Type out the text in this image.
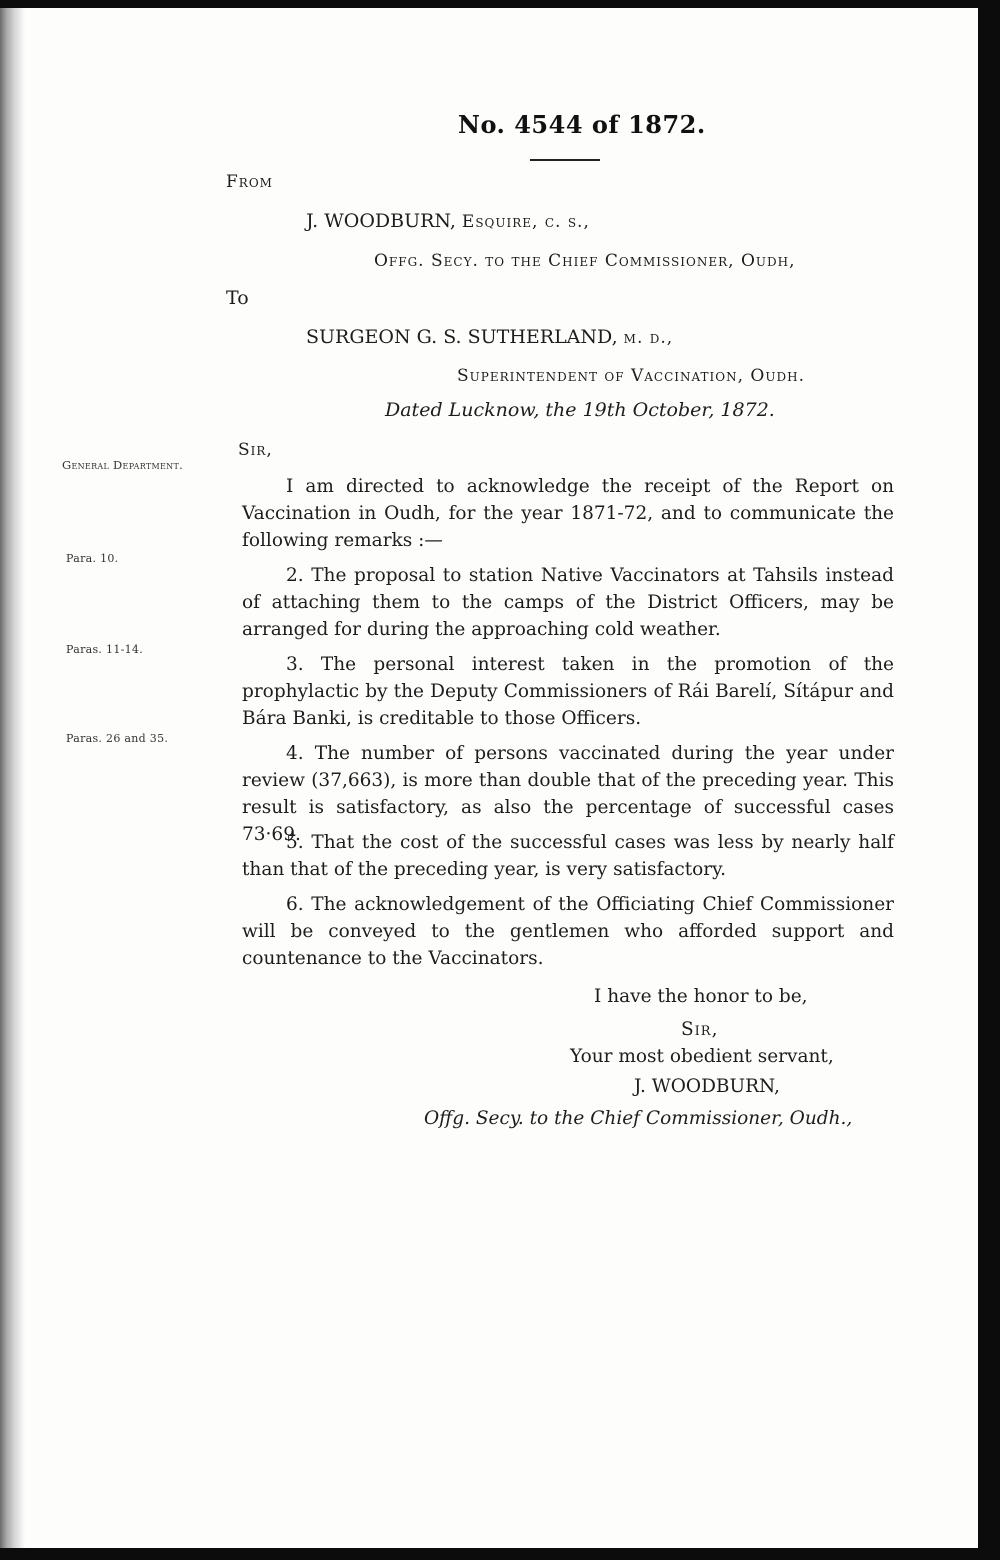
No. 4544 of 1872.
From
J. WOODBURN, Esquire, c. s.,
Offg. Secy. to the Chief Commissioner, Oudh,
To
SURGEON G. S. SUTHERLAND, m. d.,
Superintendent of Vaccination, Oudh.
Dated Lucknow, the 19th October, 1872.
Sir,
General Department.
Para. 10.
Paras. 11-14.
Paras. 26 and 35.
I am directed to acknowledge the receipt of the Report on Vaccination in Oudh, for the year 1871-72, and to communicate the following remarks :—
2. The proposal to station Native Vaccinators at Tahsils instead of attaching them to the camps of the District Officers, may be arranged for during the approaching cold weather.
3. The personal interest taken in the promotion of the prophylactic by the Deputy Commissioners of Rái Barelí, Sítápur and Bára Banki, is creditable to those Officers.
4. The number of persons vaccinated during the year under review (37,663), is more than double that of the preceding year. This result is satisfactory, as also the percentage of successful cases 73·69.
5. That the cost of the successful cases was less by nearly half than that of the preceding year, is very satisfactory.
6. The acknowledgement of the Officiating Chief Commissioner will be conveyed to the gentlemen who afforded support and countenance to the Vaccinators.
I have the honor to be,
Sir,
Your most obedient servant,
J. WOODBURN,
Offg. Secy. to the Chief Commissioner, Oudh.,
